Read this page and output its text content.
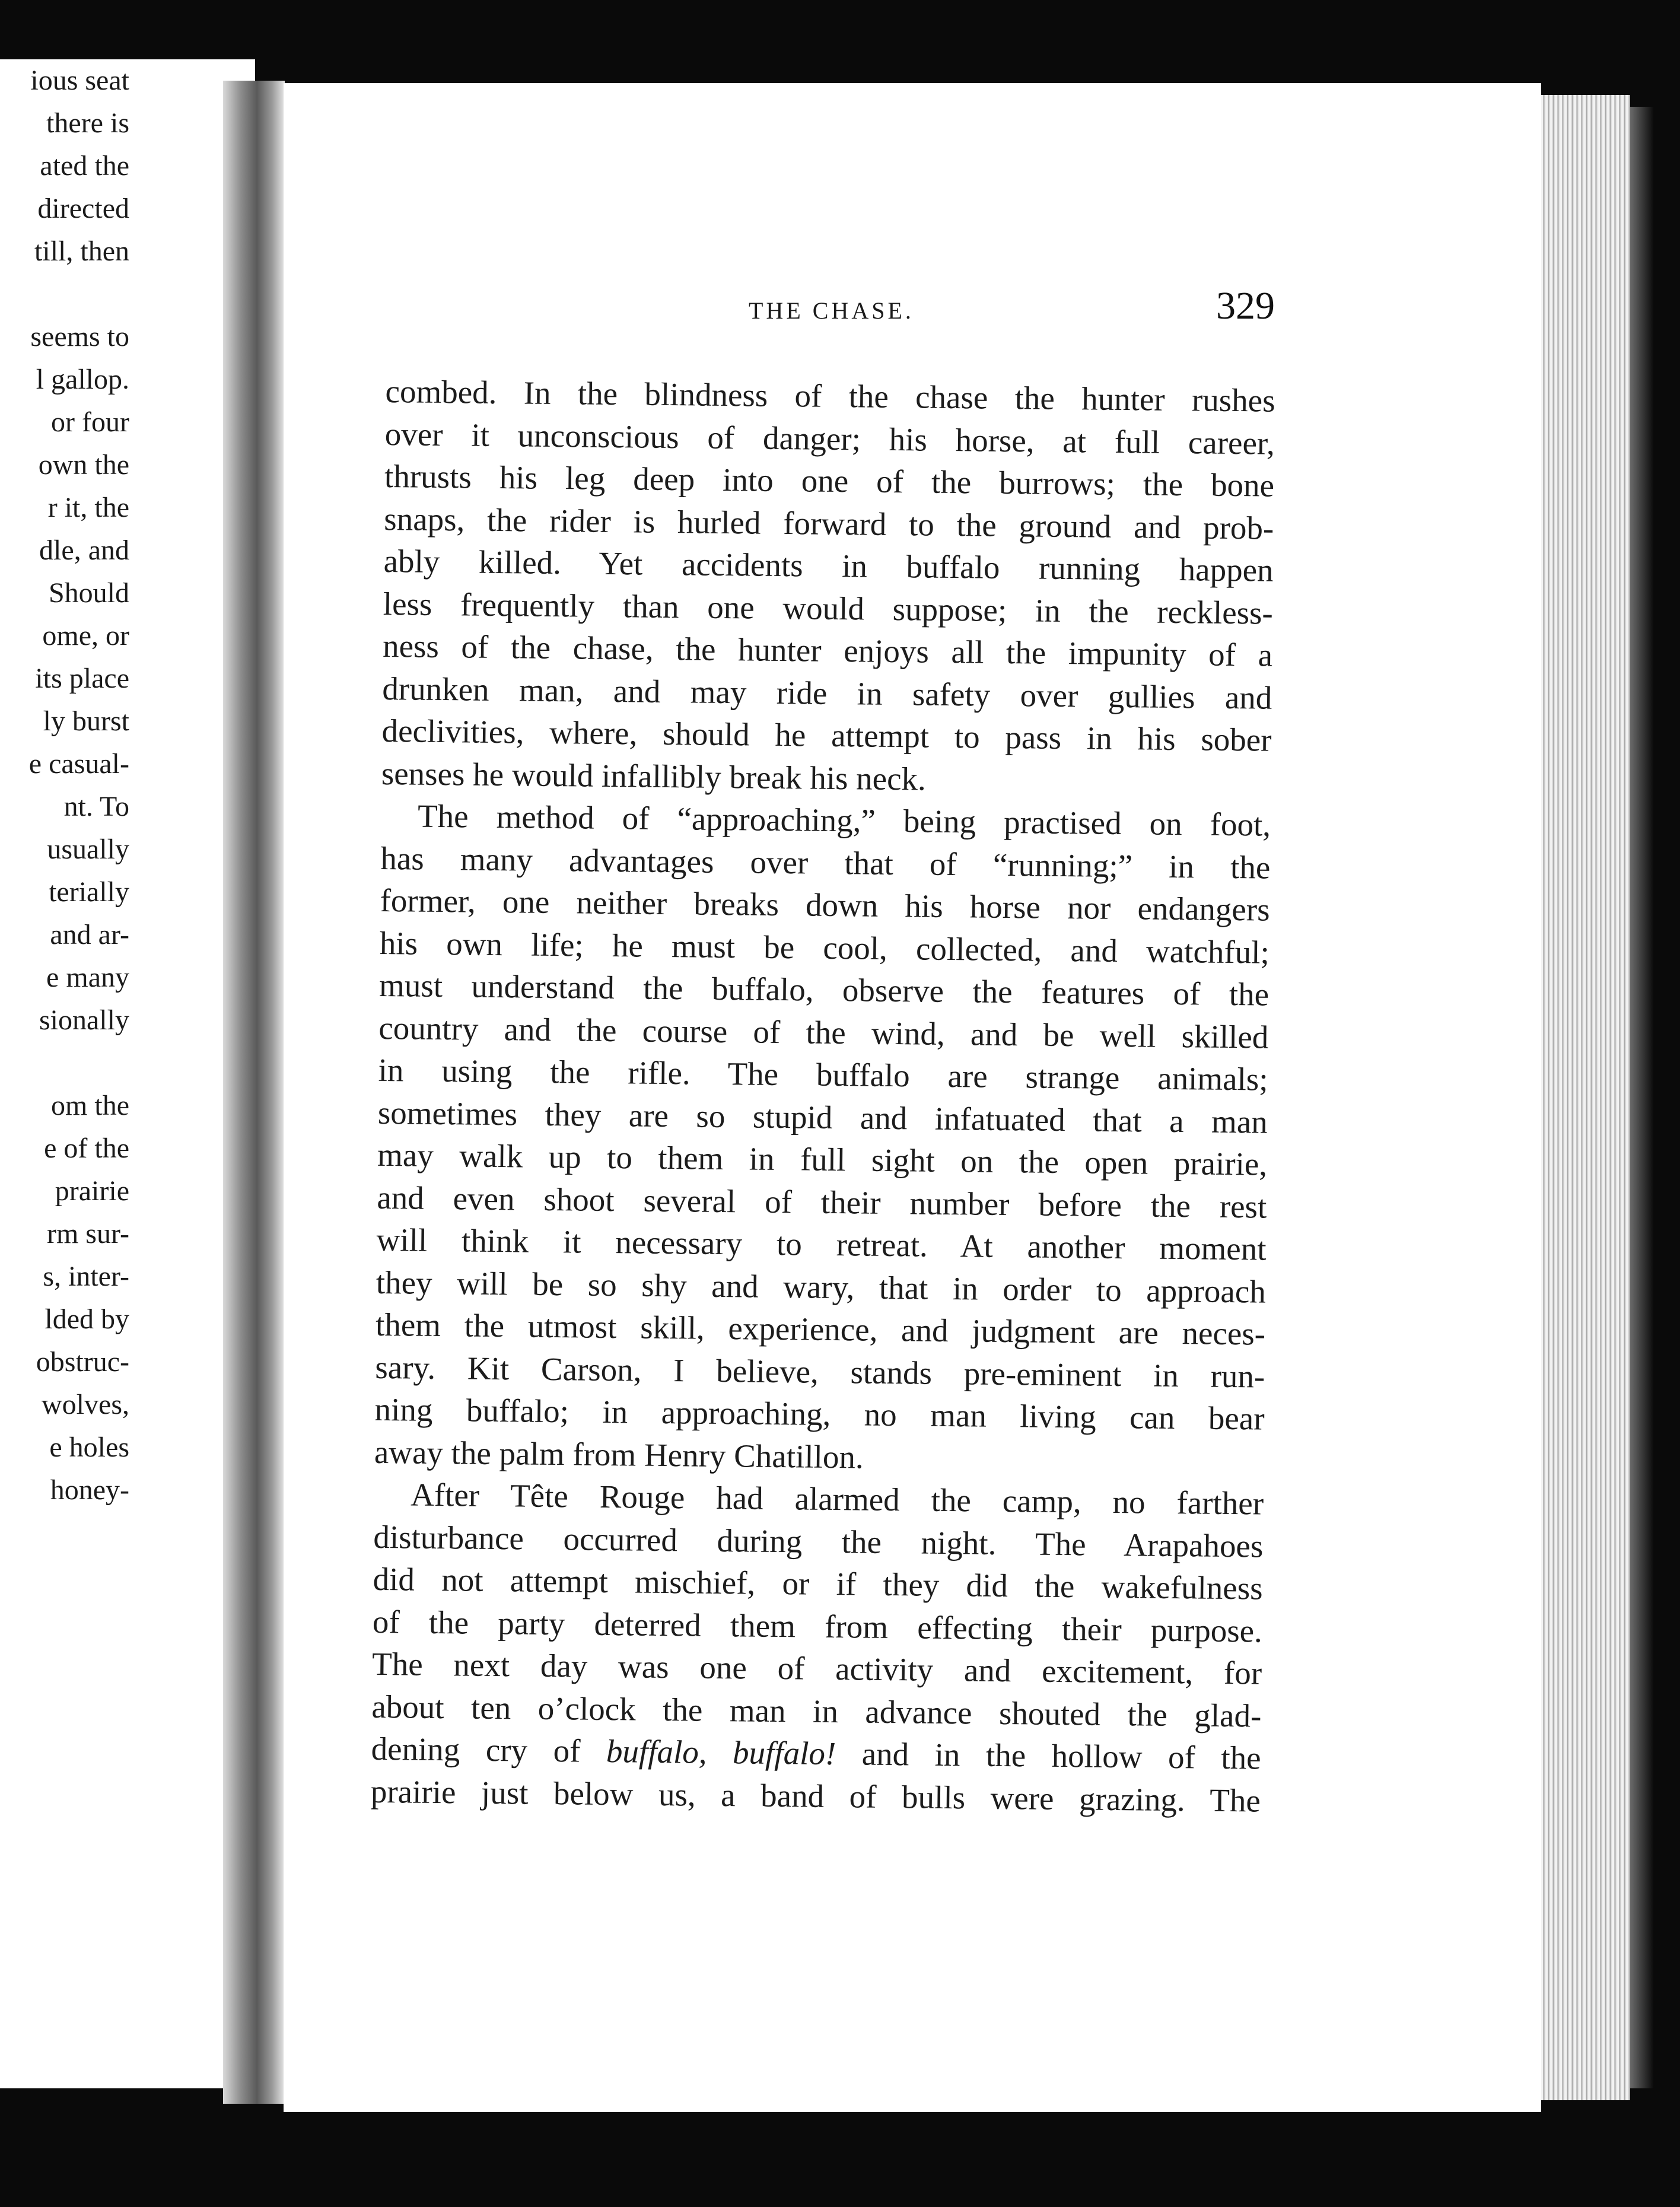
ious seat
there is
ated the
directed
till, then
seems to
l gallop.
or four
own the
r it, the
dle, and
Should
ome, or
its place
ly burst
e casual-
nt. To
usually
terially
and ar-
e many
sionally
om the
e of the
prairie
rm sur-
s, inter-
lded by
obstruc-
wolves,
e holes
honey-
THE CHASE.	329
combed. In the blindness of the chase the hunter rushes
over it unconscious of danger; his horse, at full career,
thrusts his leg deep into one of the burrows; the bone
snaps, the rider is hurled forward to the ground and prob-
ably killed. Yet accidents in buffalo running happen
less frequently than one would suppose; in the reckless-
ness of the chase, the hunter enjoys all the impunity of a
drunken man, and may ride in safety over gullies and
declivities, where, should he attempt to pass in his sober
senses he would infallibly break his neck.
The method of “approaching,” being practised on foot,
has many advantages over that of “running;” in the
former, one neither breaks down his horse nor endangers
his own life; he must be cool, collected, and watchful;
must understand the buffalo, observe the features of the
country and the course of the wind, and be well skilled
in using the rifle. The buffalo are strange animals;
sometimes they are so stupid and infatuated that a man
may walk up to them in full sight on the open prairie,
and even shoot several of their number before the rest
will think it necessary to retreat. At another moment
they will be so shy and wary, that in order to approach
them the utmost skill, experience, and judgment are neces-
sary. Kit Carson, I believe, stands pre-eminent in run-
ning buffalo; in approaching, no man living can bear
away the palm from Henry Chatillon.
After Tête Rouge had alarmed the camp, no farther
disturbance occurred during the night. The Arapahoes
did not attempt mischief, or if they did the wakefulness
of the party deterred them from effecting their purpose.
The next day was one of activity and excitement, for
about ten o’clock the man in advance shouted the glad-
dening cry of buffalo, buffalo! and in the hollow of the
prairie just below us, a band of bulls were grazing. The
